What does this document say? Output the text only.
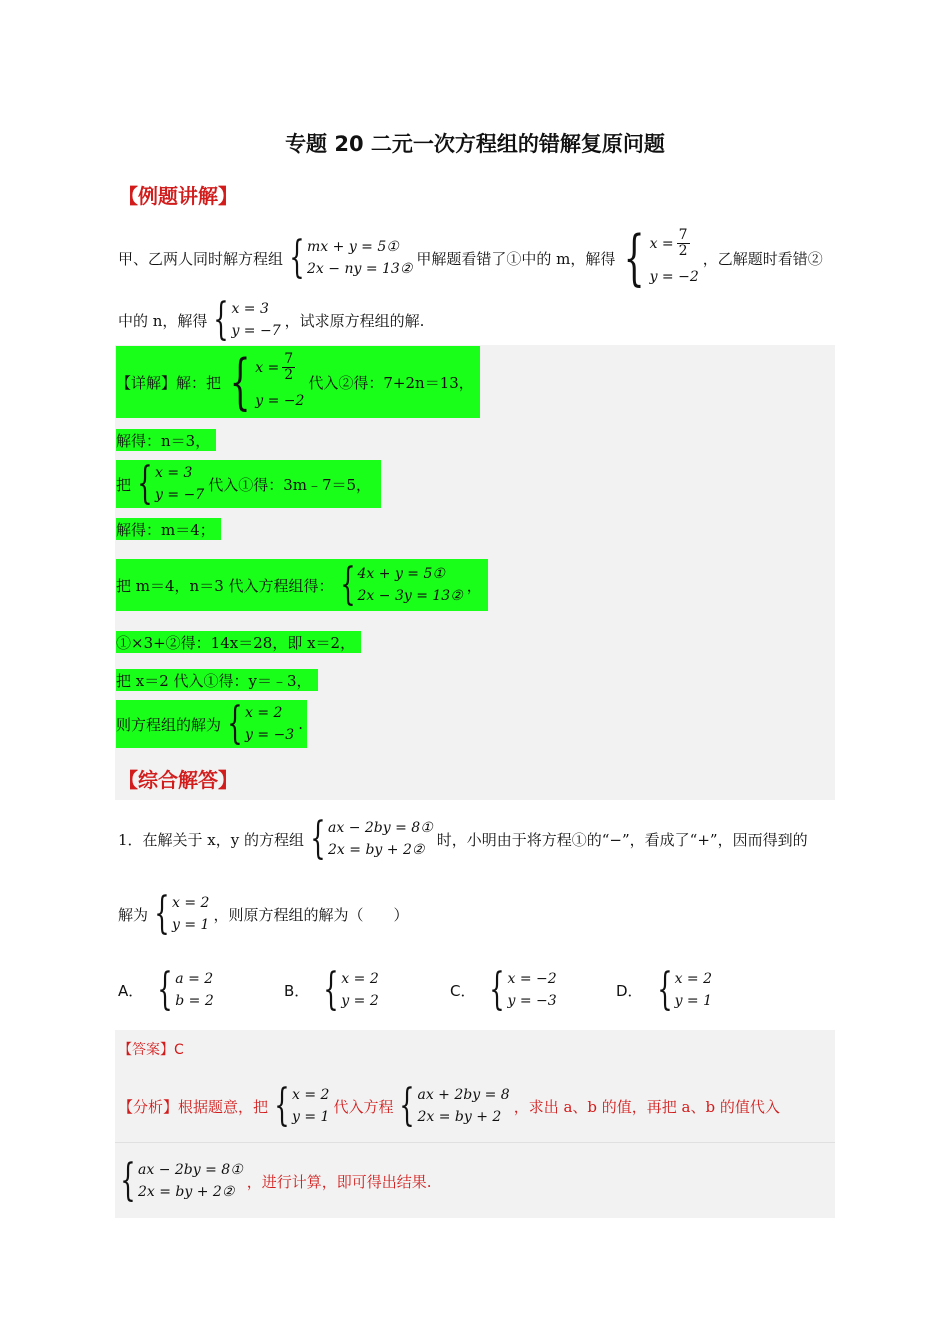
专题 20 二元一次方程组的错解复原问题
【例题讲解】
甲、乙两人同时解方程组 { mx + y = 5①
2x − ny = 13②
甲解题看错了①中的 m，解得 { $x = \frac{7}{2}$
y = −2
，乙解题时看错②
中的 n，解得 { x = 3
y = −7
，试求原方程组的解.
【详解】解：把 { $x = \frac{7}{2}$
y = −2
代入②得：7+2n＝13，
解得：n＝3，
把 { x = 3
y = −7
代入①得：3m﹣7＝5，
解得：m＝4；
把 m＝4，n＝3 代入方程组得： { 4x + y = 5①
2x − 3y = 13②
，
①×3+②得：14x＝28，即 x＝2，
把 x＝2 代入①得：y＝﹣3，
则方程组的解为 { x = 2
y = −3
.
【综合解答】
1．在解关于 x，y 的方程组 { ax − 2by = 8①
2x = by + 2②
时，小明由于将方程①的“−”，看成了“+”，因而得到的
解为 { x = 2
y = 1
，则原方程组的解为（　　）
A． { a = 2
b = 2
B． { x = 2
y = 2
C． { x = −2
y = −3
D． { x = 2
y = 1
【答案】C
【分析】根据题意，把 { x = 2
y = 1
代入方程 { ax + 2by = 8
2x = by + 2
，求出 a、b 的值，再把 a、b 的值代入
{ ax − 2by = 8①
2x = by + 2②
，进行计算，即可得出结果.
